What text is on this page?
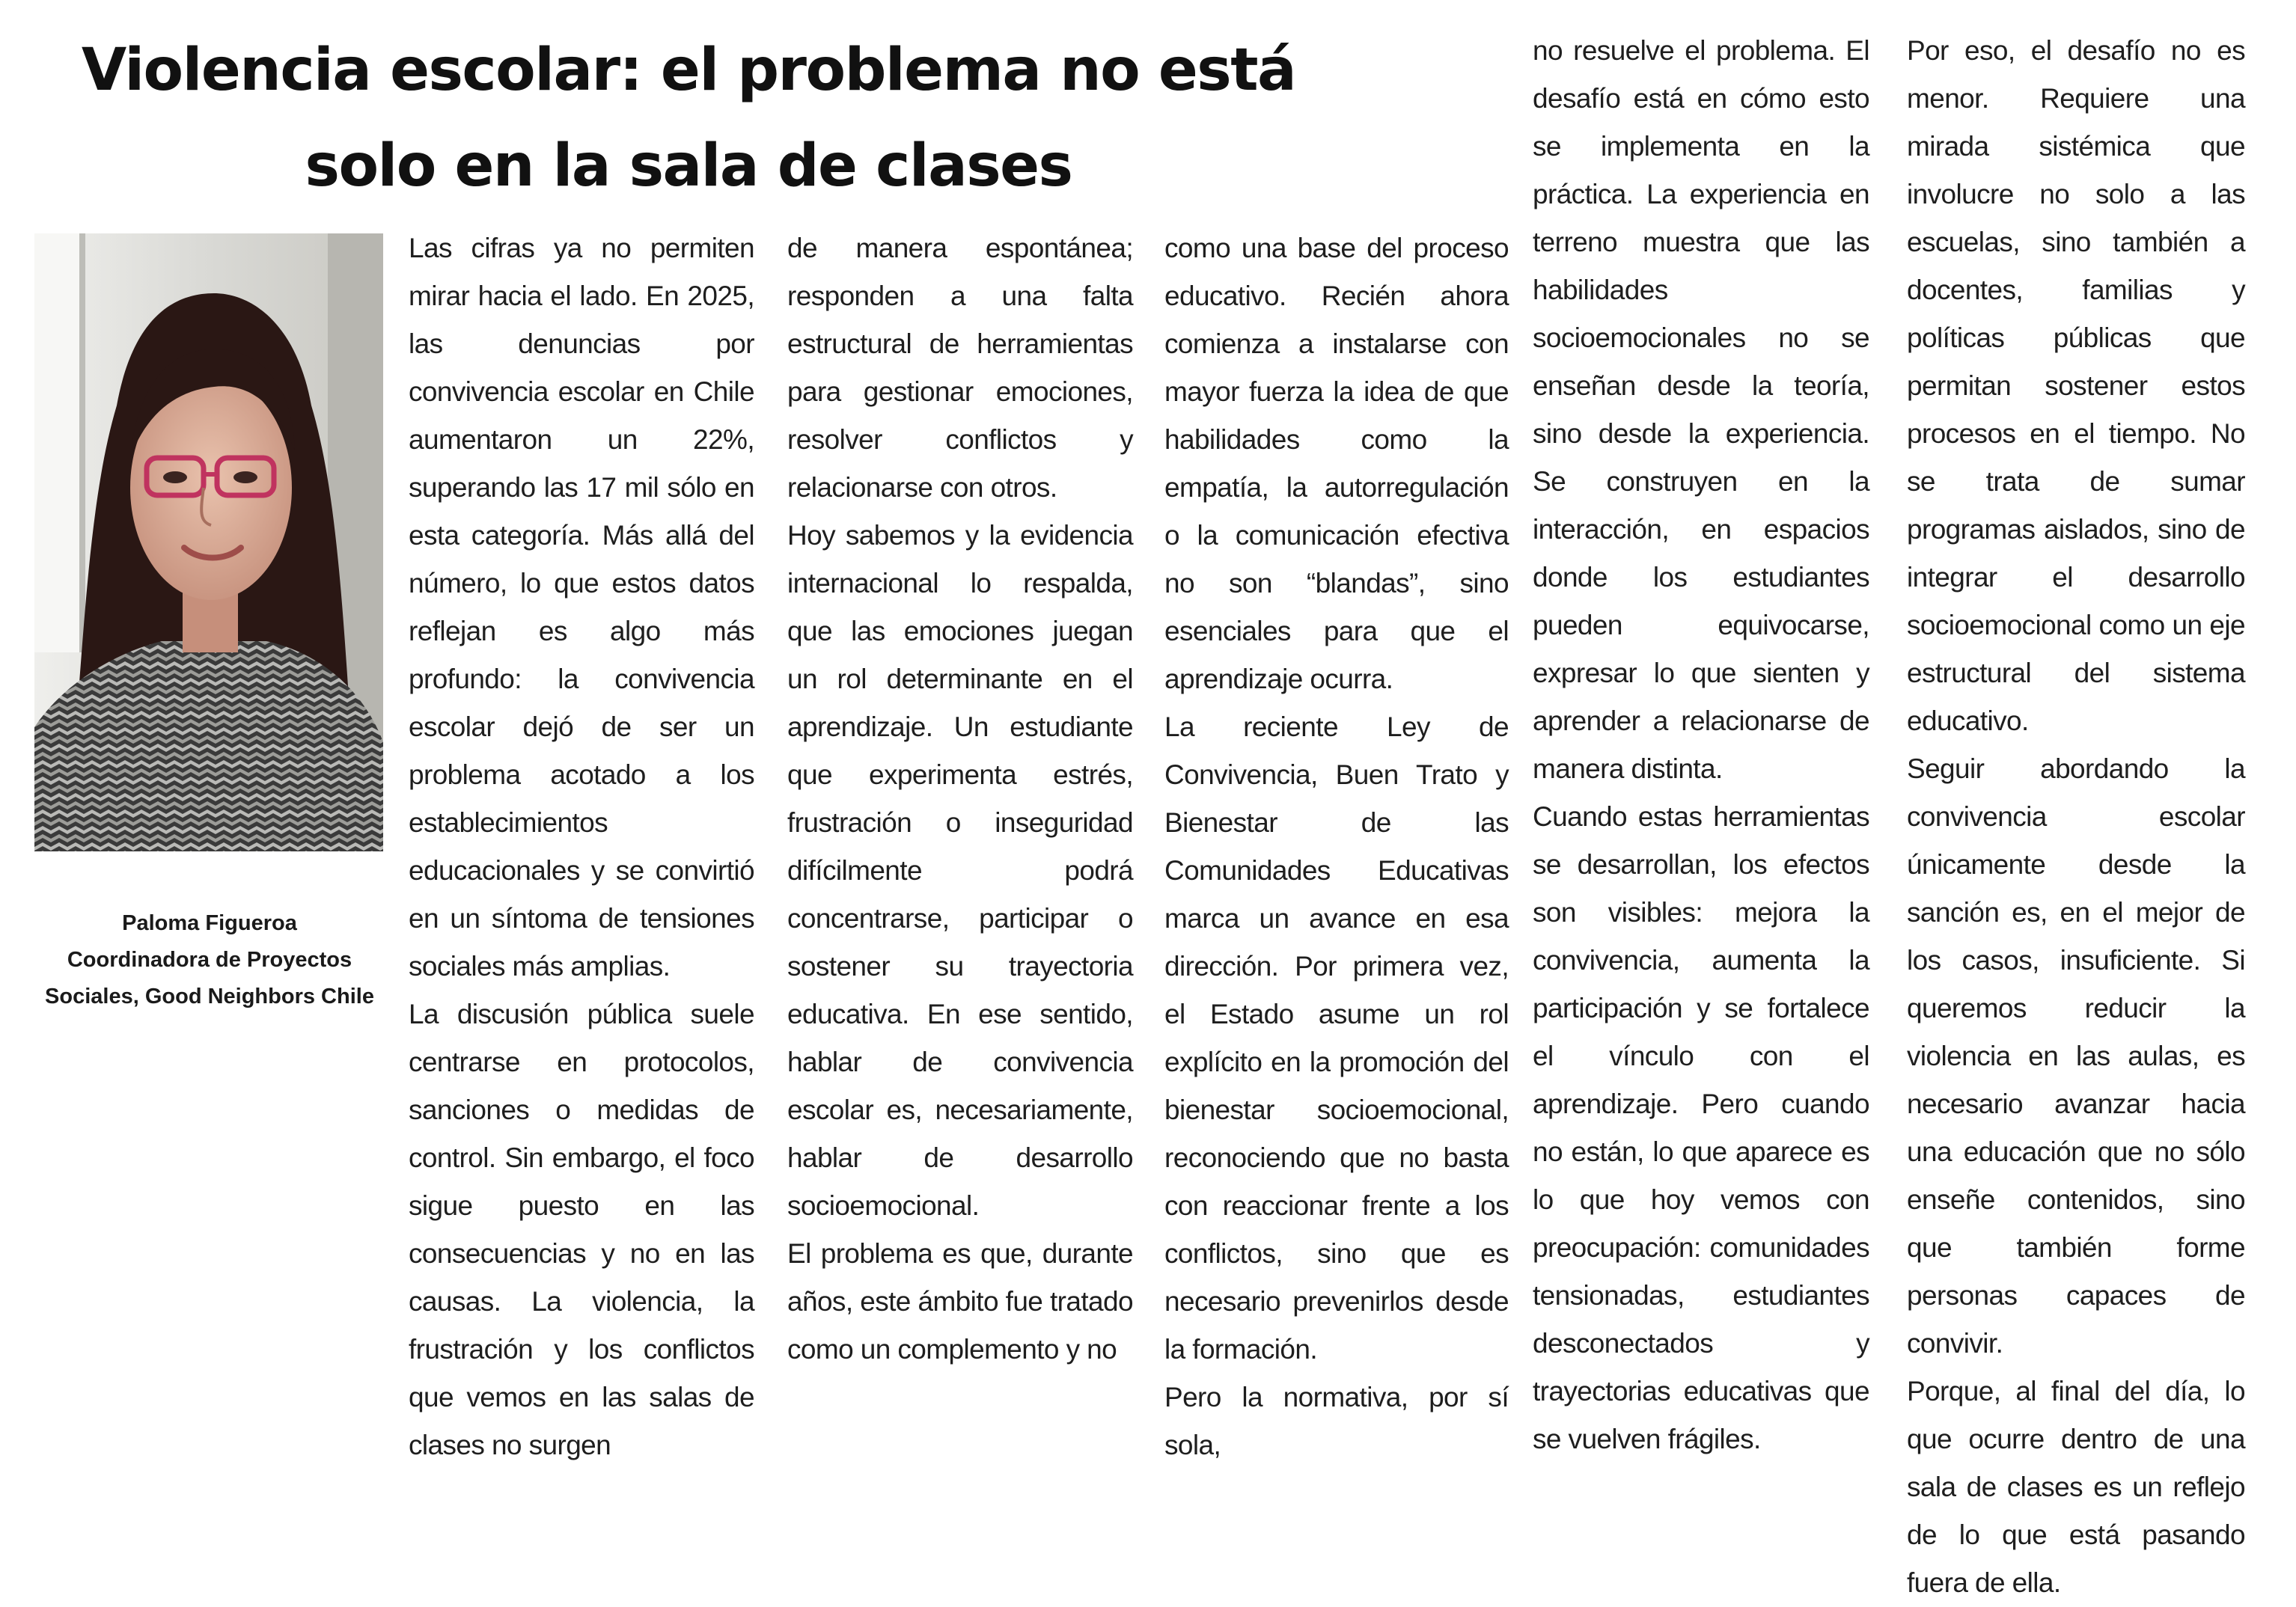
Violencia escolar: el problema no está
solo en la sala de clases
Paloma Figueroa
Coordinadora de Proyectos
Sociales, Good Neighbors Chile

Las cifras ya no permiten mirar hacia el lado. En 2025, las denuncias por convivencia escolar en Chile aumentaron un 22%, superando las 17 mil sólo en esta categoría. Más allá del número, lo que estos datos reflejan es algo más profundo: la convivencia escolar dejó de ser un problema acotado a los establecimientos educacionales y se convirtió en un síntoma de tensiones sociales más amplias.

La discusión pública suele centrarse en protocolos, sanciones o medidas de control. Sin embargo, el foco sigue puesto en las consecuencias y no en las causas. La violencia, la frustración y los conflictos que vemos en las salas de clases no surgen

de manera espontánea; responden a una falta estructural de herramientas para gestionar emociones, resolver conflictos y relacionarse con otros.

Hoy sabemos y la evidencia internacional lo respalda, que las emociones juegan un rol determinante en el aprendizaje. Un estudiante que experimenta estrés, frustración o inseguridad difícilmente podrá concentrarse, participar o sostener su trayectoria educativa. En ese sentido, hablar de convivencia escolar es, necesariamente, hablar de desarrollo socioemocional.

El problema es que, durante años, este ámbito fue tratado como un complemento y no

como una base del proceso educativo. Recién ahora comienza a instalarse con mayor fuerza la idea de que habilidades como la empatía, la autorregulación o la comunicación efectiva no son “blandas”, sino esenciales para que el aprendizaje ocurra.

La reciente Ley de Convivencia, Buen Trato y Bienestar de las Comunidades Educativas marca un avance en esa dirección. Por primera vez, el Estado asume un rol explícito en la promoción del bienestar socioemocional, reconociendo que no basta con reaccionar frente a los conflictos, sino que es necesario prevenirlos desde la formación.

Pero la normativa, por sí sola,

no resuelve el problema. El desafío está en cómo esto se implementa en la práctica. La experiencia en terreno muestra que las habilidades socioemocionales no se enseñan desde la teoría, sino desde la experiencia. Se construyen en la interacción, en espacios donde los estudiantes pueden equivocarse, expresar lo que sienten y aprender a relacionarse de manera distinta.

Cuando estas herramientas se desarrollan, los efectos son visibles: mejora la convivencia, aumenta la participación y se fortalece el vínculo con el aprendizaje. Pero cuando no están, lo que aparece es lo que hoy vemos con preocupación: comunidades tensionadas, estudiantes desconectados y trayectorias educativas que se vuelven frágiles.

Por eso, el desafío no es menor. Requiere una mirada sistémica que involucre no solo a las escuelas, sino también a docentes, familias y políticas públicas que permitan sostener estos procesos en el tiempo. No se trata de sumar programas aislados, sino de integrar el desarrollo socioemocional como un eje estructural del sistema educativo.

Seguir abordando la convivencia escolar únicamente desde la sanción es, en el mejor de los casos, insuficiente. Si queremos reducir la violencia en las aulas, es necesario avanzar hacia una educación que no sólo enseñe contenidos, sino que también forme personas capaces de convivir.

Porque, al final del día, lo que ocurre dentro de una sala de clases es un reflejo de lo que está pasando fuera de ella.
